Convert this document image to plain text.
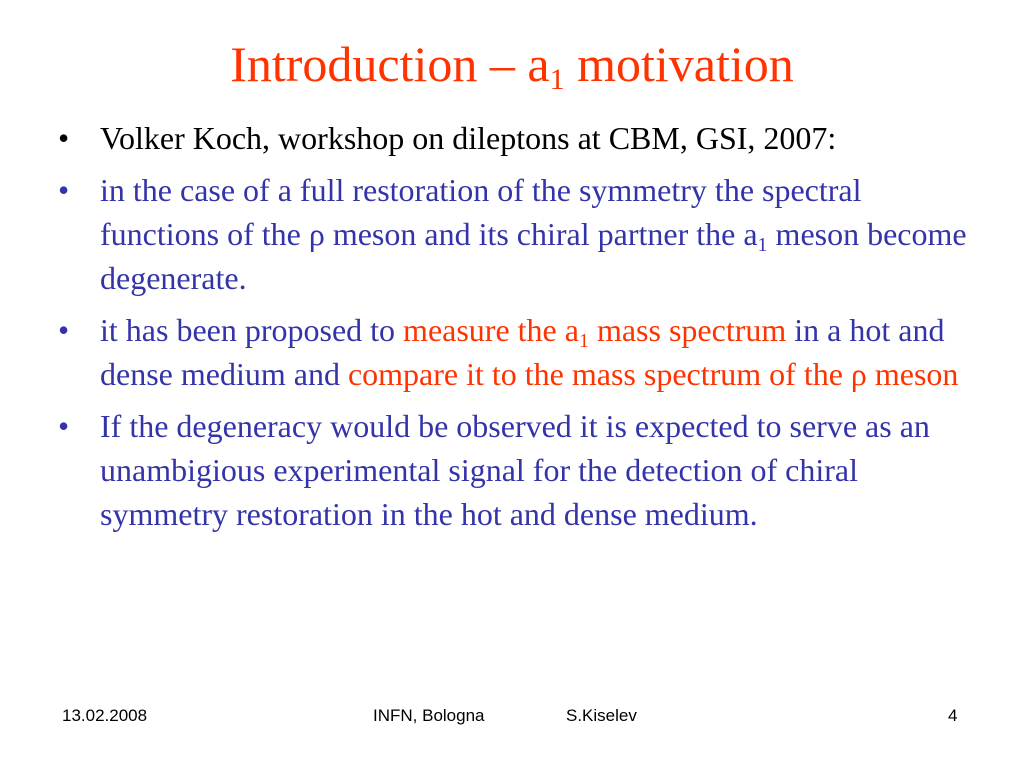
Introduction – $a_1$ motivation
• Volker Koch, workshop on dileptons at CBM, GSI, 2007:
• in the case of a full restoration of the symmetry the spectral functions of the ρ meson and its chiral partner the $a_1$ meson become degenerate.
• it has been proposed to measure the $a_1$ mass spectrum in a hot and dense medium and compare it to the mass spectrum of the ρ meson
• If the degeneracy would be observed it is expected to serve as an unambigious experimental signal for the detection of chiral symmetry restoration in the hot and dense medium.
13.02.2008	INFN, Bologna	S.Kiselev	4
